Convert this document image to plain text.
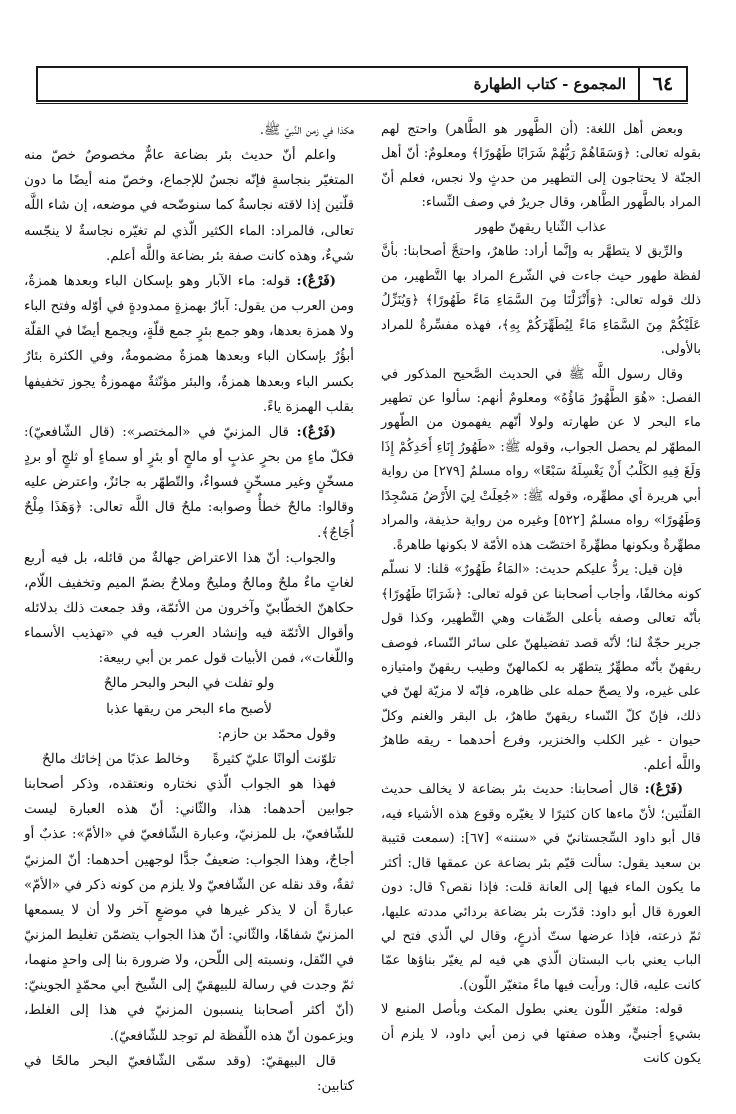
٦٤
المجموع - كتاب الطهارة

وبعض أهل اللغة: (أن الطَّهور هو الطَّاهر) واحتج لهم بقوله تعالى: ﴿وَسَقَاهُمْ رَبُّهُمْ شَرَابًا طَهُورًا﴾ ومعلومٌ: أنّ أهل الجنّة لا يحتاجون إلى التطهير من حدثٍ ولا نجس، فعلم أنّ المراد بالطَّهور الطَّاهر، وقال جريرٌ في وصف النِّساء:

عذاب الثّنايا ريقهنّ طهور

والرِّيق لا يتطهَّر به وإنَّما أراد: طاهرٌ، واحتجَّ أصحابنا: بأنَّ لفظة طهور حيث جاءت في الشّرع المراد بها التَّطهير، من ذلك قوله تعالى: ﴿وَأَنْزَلْنَا مِنَ السَّمَاءِ مَاءً طَهُورًا﴾ ﴿وَيُنَزِّلُ عَلَيْكُمْ مِنَ السَّمَاءِ مَاءً لِيُطَهِّرَكُمْ بِهِ﴾، فهذه مفسِّرةٌ للمراد بالأولى.

وقال رسول اللَّه ﷺ في الحديث الصَّحيح المذكور في الفصل: «هُوَ الطَّهُورُ مَاؤُهُ» ومعلومٌ أنهم: سألوا عن تطهير ماء البحر لا عن طهارته ولولا أنّهم يفهمون من الطّهور المطهّر لم يحصل الجواب، وقوله ﷺ: «طَهُورُ إِنَاءِ أَحَدِكُمْ إِذَا وَلَغَ فِيهِ الكَلْبُ أَنْ يَغْسِلَهُ سَبْعًا» رواه مسلمٌ [٢٧٩] من رواية أبي هريرة أي مطهِّره، وقوله ﷺ: «جُعِلَتْ لِيَ الأَرْضُ مَسْجِدًا وَطَهُورًا» رواه مسلمٌ [٥٢٢] وغيره من رواية حذيفة، والمراد مطهِّرةٌ وبكونها مطهِّرةً اختصّت هذه الأمّة لا بكونها طاهرةً.

فإن قيل: يردُّ عليكم حديث: «المَاءُ طَهُورٌ» قلنا: لا نسلّم كونه مخالفًا، وأجاب أصحابنا عن قوله تعالى: ﴿شَرَابًا طَهُورًا﴾ بأنّه تعالى وصفه بأعلى الصِّفات وهي التَّطهير، وكذا قول جرير حجّةٌ لنا؛ لأنّه قصد تفضيلهنّ على سائر النّساء، فوصف ريقهنّ بأنّه مطهِّرٌ يتطهّر به لكمالهنّ وطيب ريقهنّ وامتيازه على غيره، ولا يصحّ حمله على ظاهره، فإنّه لا مزيّة لهنّ في ذلك، فإنّ كلّ النّساء ريقهنّ طاهرٌ، بل البقر والغنم وكلّ حيوان - غير الكلب والخنزير، وفرع أحدهما - ريقه طاهرٌ واللَّه أعلم.

(فَرْعٌ): قال أصحابنا: حديث بئر بضاعة لا يخالف حديث القلّتين؛ لأنّ ماءها كان كثيرًا لا يغيّره وقوع هذه الأشياء فيه، قال أبو داود السِّجستانيّ في «سننه» [٦٧]: (سمعت قتيبة بن سعيد يقول: سألت قيّم بئر بضاعة عن عمقها قال: أكثر ما يكون الماء فيها إلى العانة قلت: فإذا نقص؟ قال: دون العورة قال أبو داود: قدّرت بئر بضاعة بردائي مددته عليها، ثمّ ذرعته، فإذا عرضها ستّ أذرعٍ، وقال لي الّذي فتح لي الباب يعني باب البستان الّذي هي فيه لم يغيّر بناؤها عمّا كانت عليه، قال: ورأيت فيها ماءً متغيّر اللّون).

قوله: متغيّر اللّون يعني بطول المكث وبأصل المنبع لا بشيءٍ أجنبيٍّ، وهذه صفتها في زمن أبي داود، لا يلزم أن يكون كانت

هكذا في زمن النَّبيّ ﷺ.

واعلم أنّ حديث بئر بضاعة عامٌّ مخصوصٌ خصّ منه المتغيّر بنجاسةٍ فإنّه نجسٌ للإجماع، وخصّ منه أيضًا ما دون قلّتين إذا لاقته نجاسةٌ كما سنوضّحه في موضعه، إن شاء اللَّه تعالى، فالمراد: الماء الكثير الّذي لم تغيّره نجاسةٌ لا ينجّسه شيءٌ، وهذه كانت صفة بئر بضاعة واللَّه أعلم.

(فَرْعٌ): قوله: ماء الآبار وهو بإسكان الباء وبعدها همزةٌ، ومن العرب من يقول: آبارٌ بهمزةٍ ممدودةٍ في أوّله وفتح الباء ولا همزة بعدها، وهو جمع بئرٍ جمع قلّةٍ، ويجمع أيضًا في القلّة أبؤُرٌ بإسكان الباء وبعدها همزةٌ مضمومةٌ، وفي الكثرة بئارٌ بكسر الباء وبعدها همزةٌ، والبئر مؤنّثةٌ مهموزةٌ يجوز تخفيفها بقلب الهمزة ياءً.

(فَرْعٌ): قال المزنيّ في «المختصر»: (قال الشّافعيّ): فكلّ ماءٍ من بحرٍ عذبٍ أو مالحٍ أو بئرٍ أو سماءٍ أو ثلجٍ أو بردٍ مسخّنٍ وغير مسخّنٍ فسواءٌ، والتّطهّر به جائزٌ، واعترض عليه وقالوا: مالحٌ خطأٌ وصوابه: ملحٌ قال اللَّه تعالى: ﴿وَهَذَا مِلْحٌ أُجَاجٌ﴾.

والجواب: أنّ هذا الاعتراض جهالةٌ من قائله، بل فيه أربع لغاتٍ ماءٌ ملحٌ ومالحٌ ومليحٌ وملاحٌ بضمّ الميم وتخفيف اللّام، حكاهنّ الخطّابيّ وآخرون من الأئمّة، وقد جمعت ذلك بدلائله وأقوال الأئمّة فيه وإنشاد العرب فيه في «تهذيب الأسماء واللّغات»، فمن الأبيات قول عمر بن أبي ربيعة:

ولو تفلت في البحر والبحر مالحٌ

لأصبح ماء البحر من ريقها عذبا

وقول محمّد بن حازم:

تلوّنت ألوانًا عليّ كثيرةً
وخالط عذبًا من إخائك مالحٌ

فهذا هو الجواب الّذي نختاره ونعتقده، وذكر أصحابنا جوابين أحدهما: هذا، والثّاني: أنّ هذه العبارة ليست للشّافعيّ، بل للمزنيّ، وعبارة الشّافعيّ في «الأمّ»: عذبٌ أو أجاجٌ، وهذا الجواب: ضعيفٌ جدًّا لوجهين أحدهما: أنّ المزنيّ ثقةٌ، وقد نقله عن الشّافعيّ ولا يلزم من كونه ذكر في «الأمّ» عبارةً أن لا يذكر غيرها في موضعٍ آخر ولا أن لا يسمعها المزنيّ شفاهًا، والثّاني: أنّ هذا الجواب يتضمّن تغليط المزنيّ في النّقل، ونسبته إلى اللّحن، ولا ضرورة بنا إلى واحدٍ منهما، ثمّ وجدت في رسالة للبيهقيّ إلى الشّيخ أبي محمّدٍ الجوينيّ: (أنّ أكثر أصحابنا ينسبون المزنيّ في هذا إلى الغلط، ويزعمون أنّ هذه اللّفظة لم توجد للشّافعيّ).

قال البيهقيّ: (وقد سمّى الشّافعيّ البحر مالحًا في كتابين:
